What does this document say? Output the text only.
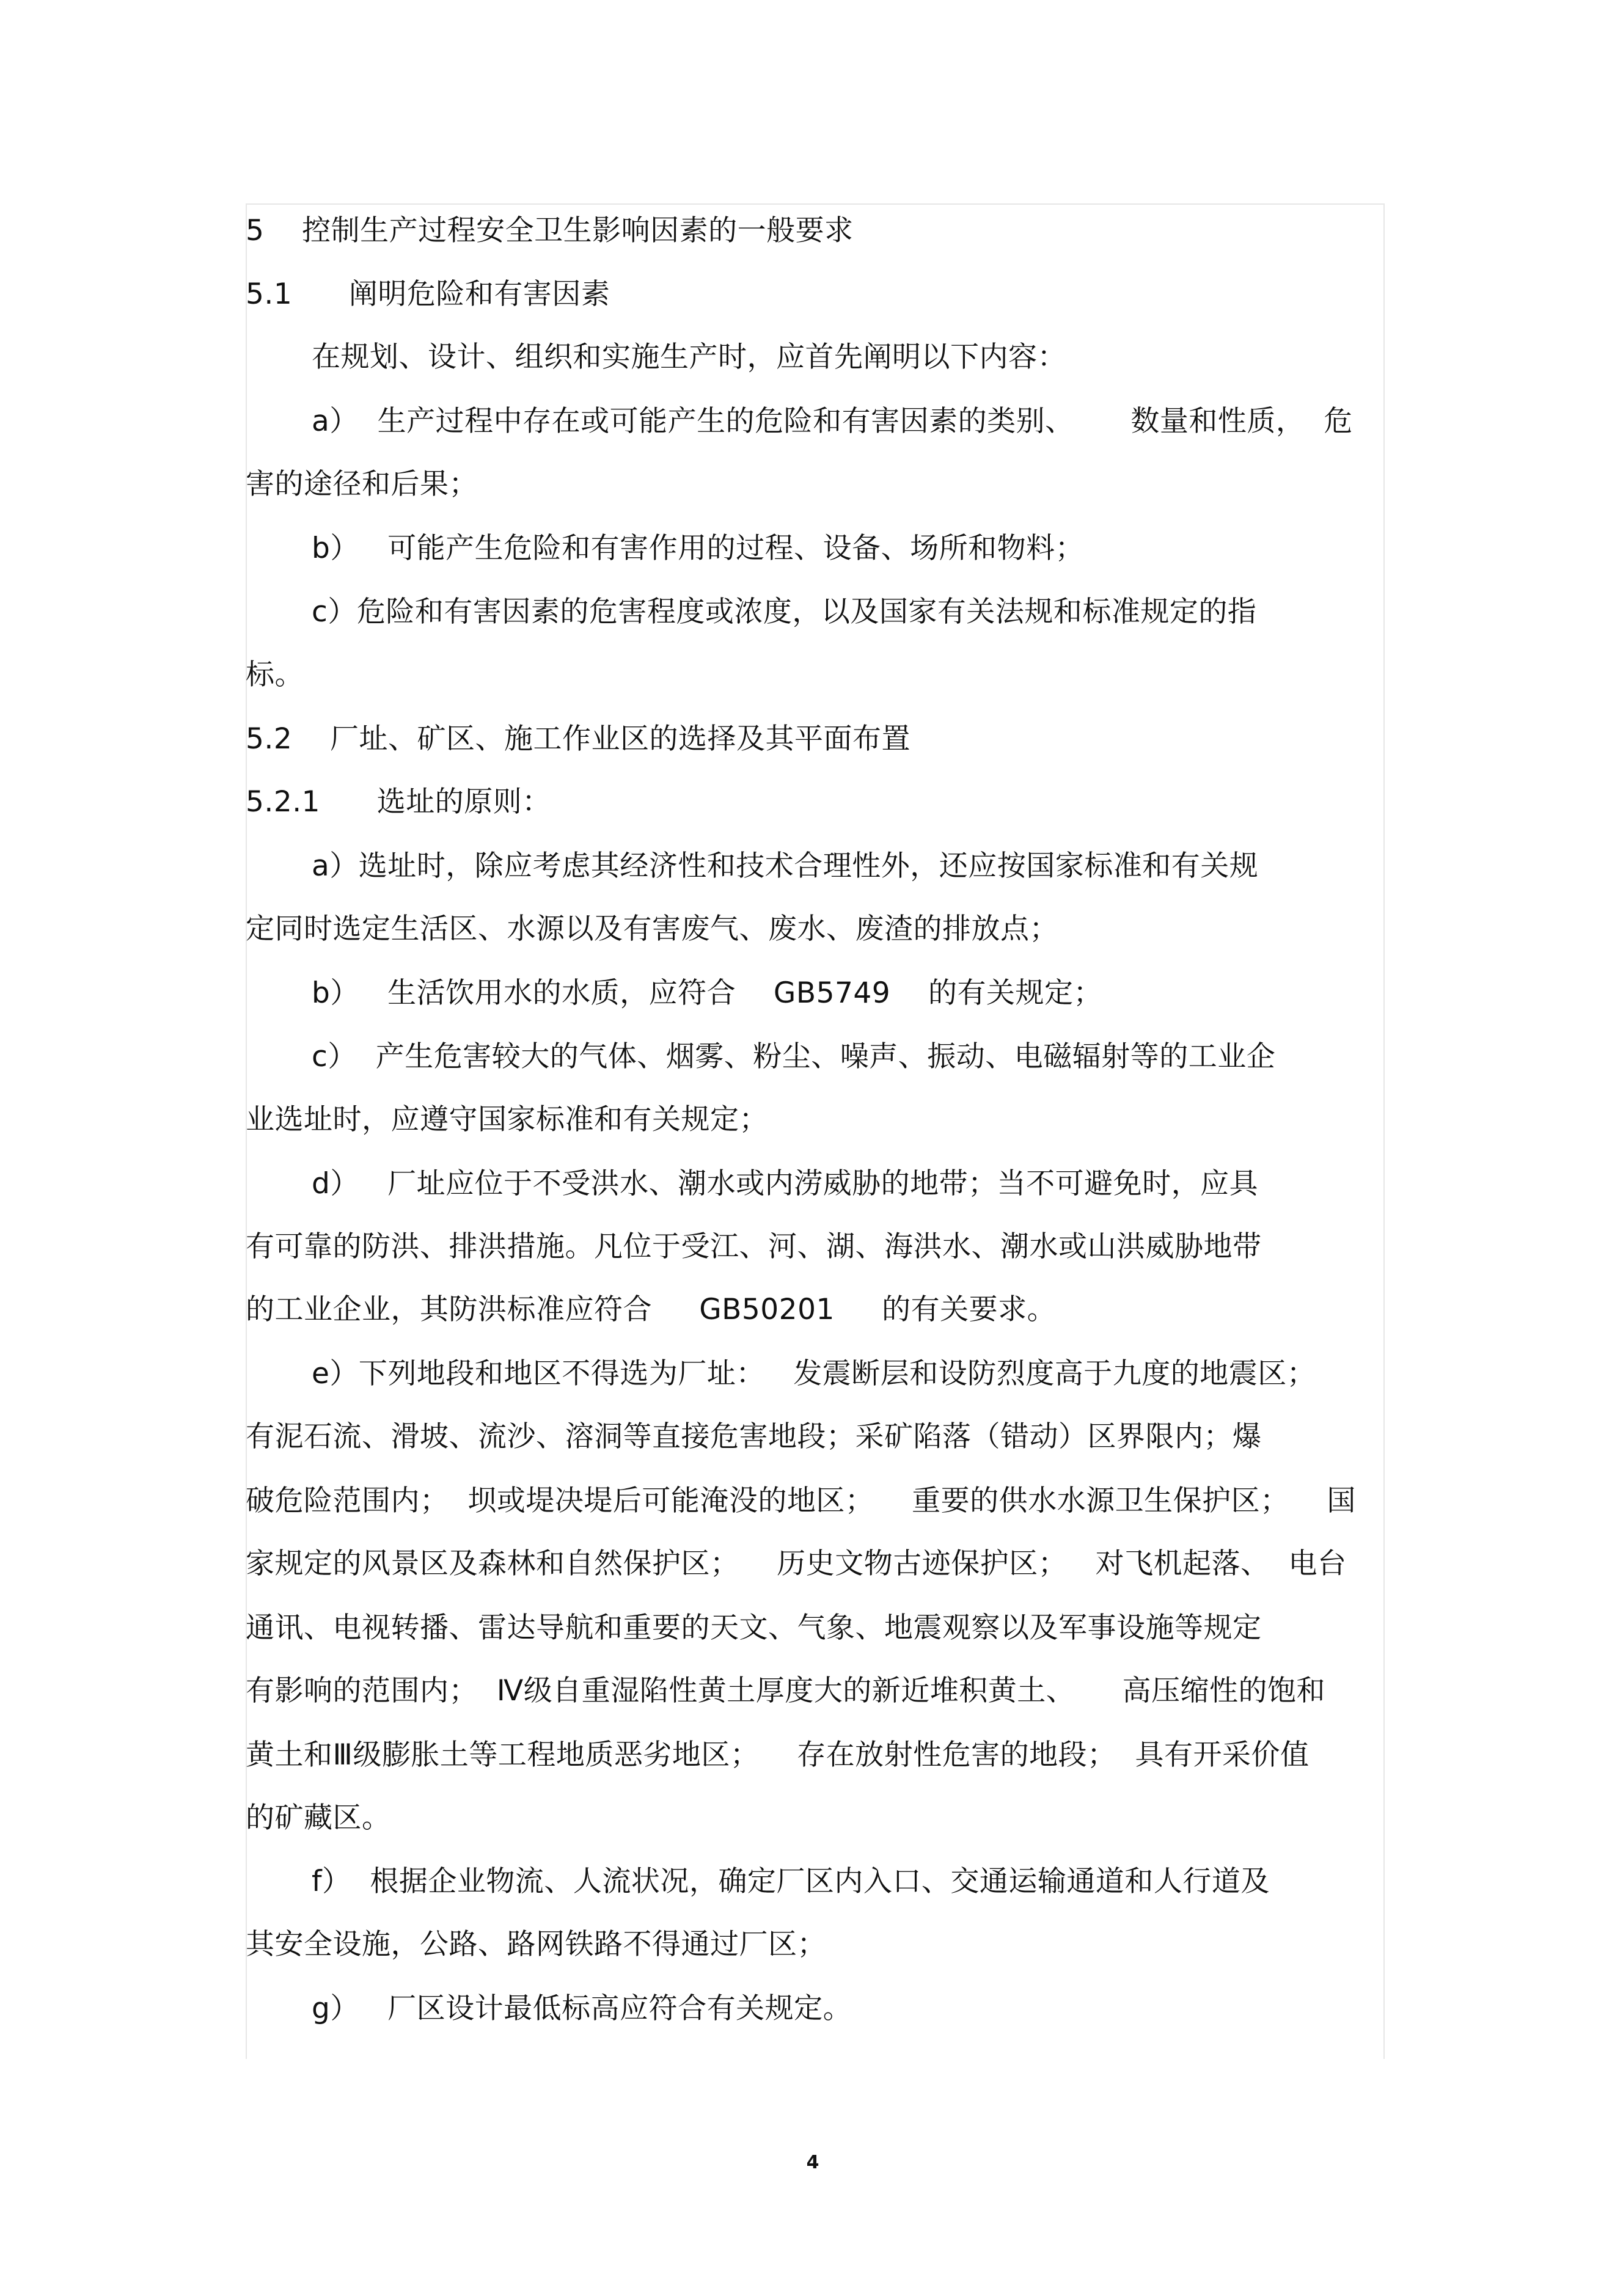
5    控制生产过程安全卫生影响因素的一般要求

5.1      阐明危险和有害因素

在规划、设计、组织和实施生产时，应首先阐明以下内容：

a）  生产过程中存在或可能产生的危险和有害因素的类别、      数量和性质，  危

害的途径和后果；

b）   可能产生危险和有害作用的过程、设备、场所和物料；

c）危险和有害因素的危害程度或浓度，以及国家有关法规和标准规定的指

标。

5.2    厂址、矿区、施工作业区的选择及其平面布置

5.2.1      选址的原则：

a）选址时，除应考虑其经济性和技术合理性外，还应按国家标准和有关规

定同时选定生活区、水源以及有害废气、废水、废渣的排放点；

b）   生活饮用水的水质，应符合    GB5749    的有关规定；

c）  产生危害较大的气体、烟雾、粉尘、噪声、振动、电磁辐射等的工业企

业选址时，应遵守国家标准和有关规定；

d）   厂址应位于不受洪水、潮水或内涝威胁的地带；当不可避免时，应具

有可靠的防洪、排洪措施。凡位于受江、河、湖、海洪水、潮水或山洪威胁地带

的工业企业，其防洪标准应符合     GB50201     的有关要求。

e）下列地段和地区不得选为厂址：   发震断层和设防烈度高于九度的地震区；

有泥石流、滑坡、流沙、溶洞等直接危害地段；采矿陷落（错动）区界限内；爆

破危险范围内；  坝或堤决堤后可能淹没的地区；    重要的供水水源卫生保护区；    国

家规定的风景区及森林和自然保护区；    历史文物古迹保护区；   对飞机起落、  电台

通讯、电视转播、雷达导航和重要的天文、气象、地震观察以及军事设施等规定

有影响的范围内；  Ⅳ级自重湿陷性黄土厚度大的新近堆积黄土、     高压缩性的饱和

黄土和Ⅲ级膨胀土等工程地质恶劣地区；    存在放射性危害的地段；  具有开采价值

的矿藏区。

f）  根据企业物流、人流状况，确定厂区内入口、交通运输通道和人行道及

其安全设施，公路、路网铁路不得通过厂区；

g）   厂区设计最低标高应符合有关规定。

4
